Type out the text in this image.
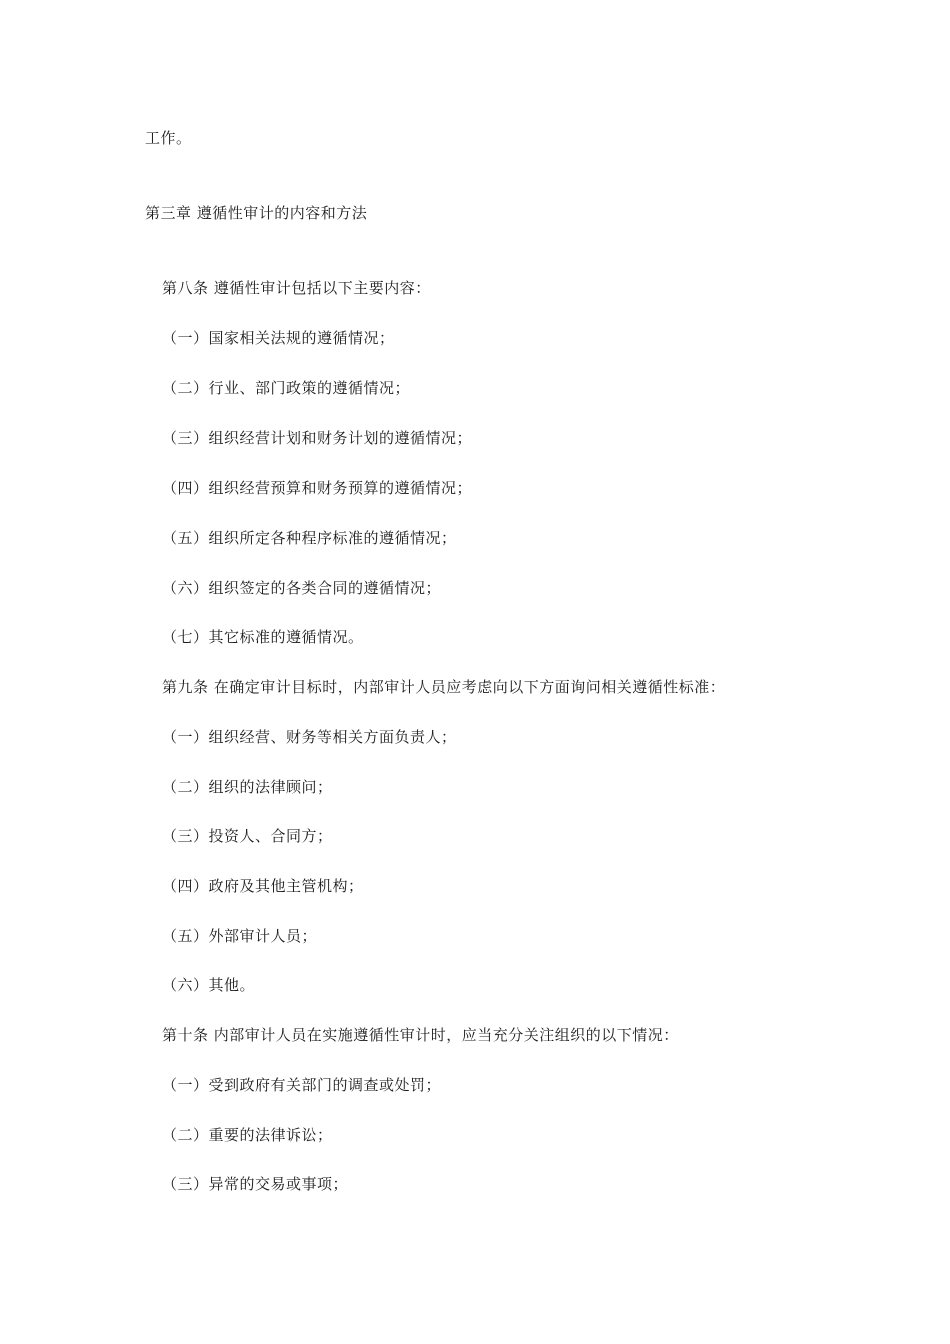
工作。
第三章 遵循性审计的内容和方法
第八条 遵循性审计包括以下主要内容：
（一）国家相关法规的遵循情况；
（二）行业、部门政策的遵循情况；
（三）组织经营计划和财务计划的遵循情况；
（四）组织经营预算和财务预算的遵循情况；
（五）组织所定各种程序标准的遵循情况；
（六）组织签定的各类合同的遵循情况；
（七）其它标准的遵循情况。
第九条 在确定审计目标时，内部审计人员应考虑向以下方面询问相关遵循性标准：
（一）组织经营、财务等相关方面负责人；
（二）组织的法律顾问；
（三）投资人、合同方；
（四）政府及其他主管机构；
（五）外部审计人员；
（六）其他。
第十条 内部审计人员在实施遵循性审计时，应当充分关注组织的以下情况：
（一）受到政府有关部门的调查或处罚；
（二）重要的法律诉讼；
（三）异常的交易或事项；
